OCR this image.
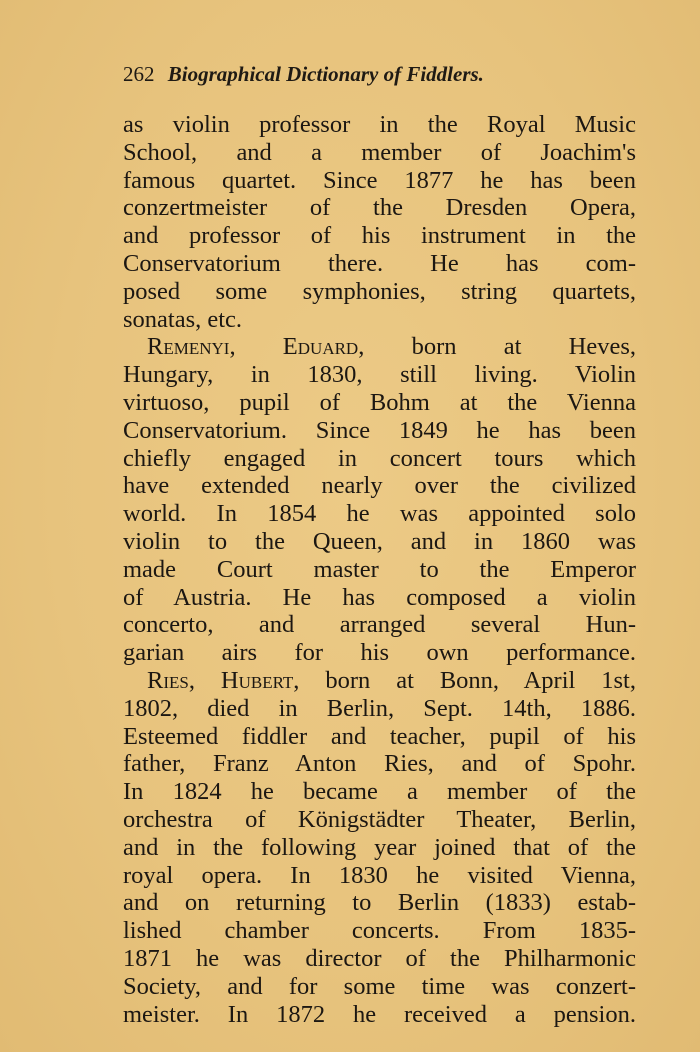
262 Biographical Dictionary of Fiddlers.
as violin professor in the Royal Music
School, and a member of Joachim's
famous quartet. Since 1877 he has been
conzertmeister of the Dresden Opera,
and professor of his instrument in the
Conservatorium there. He has com-
posed some symphonies, string quartets,
sonatas, etc.
Remenyi, Eduard, born at Heves,
Hungary, in 1830, still living. Violin
virtuoso, pupil of Bohm at the Vienna
Conservatorium. Since 1849 he has been
chiefly engaged in concert tours which
have extended nearly over the civilized
world. In 1854 he was appointed solo
violin to the Queen, and in 1860 was
made Court master to the Emperor
of Austria. He has composed a violin
concerto, and arranged several Hun-
garian airs for his own performance.
Ries, Hubert, born at Bonn, April 1st,
1802, died in Berlin, Sept. 14th, 1886.
Esteemed fiddler and teacher, pupil of his
father, Franz Anton Ries, and of Spohr.
In 1824 he became a member of the
orchestra of Königstädter Theater, Berlin,
and in the following year joined that of the
royal opera. In 1830 he visited Vienna,
and on returning to Berlin (1833) estab-
lished chamber concerts. From 1835-
1871 he was director of the Philharmonic
Society, and for some time was conzert-
meister. In 1872 he received a pension.
